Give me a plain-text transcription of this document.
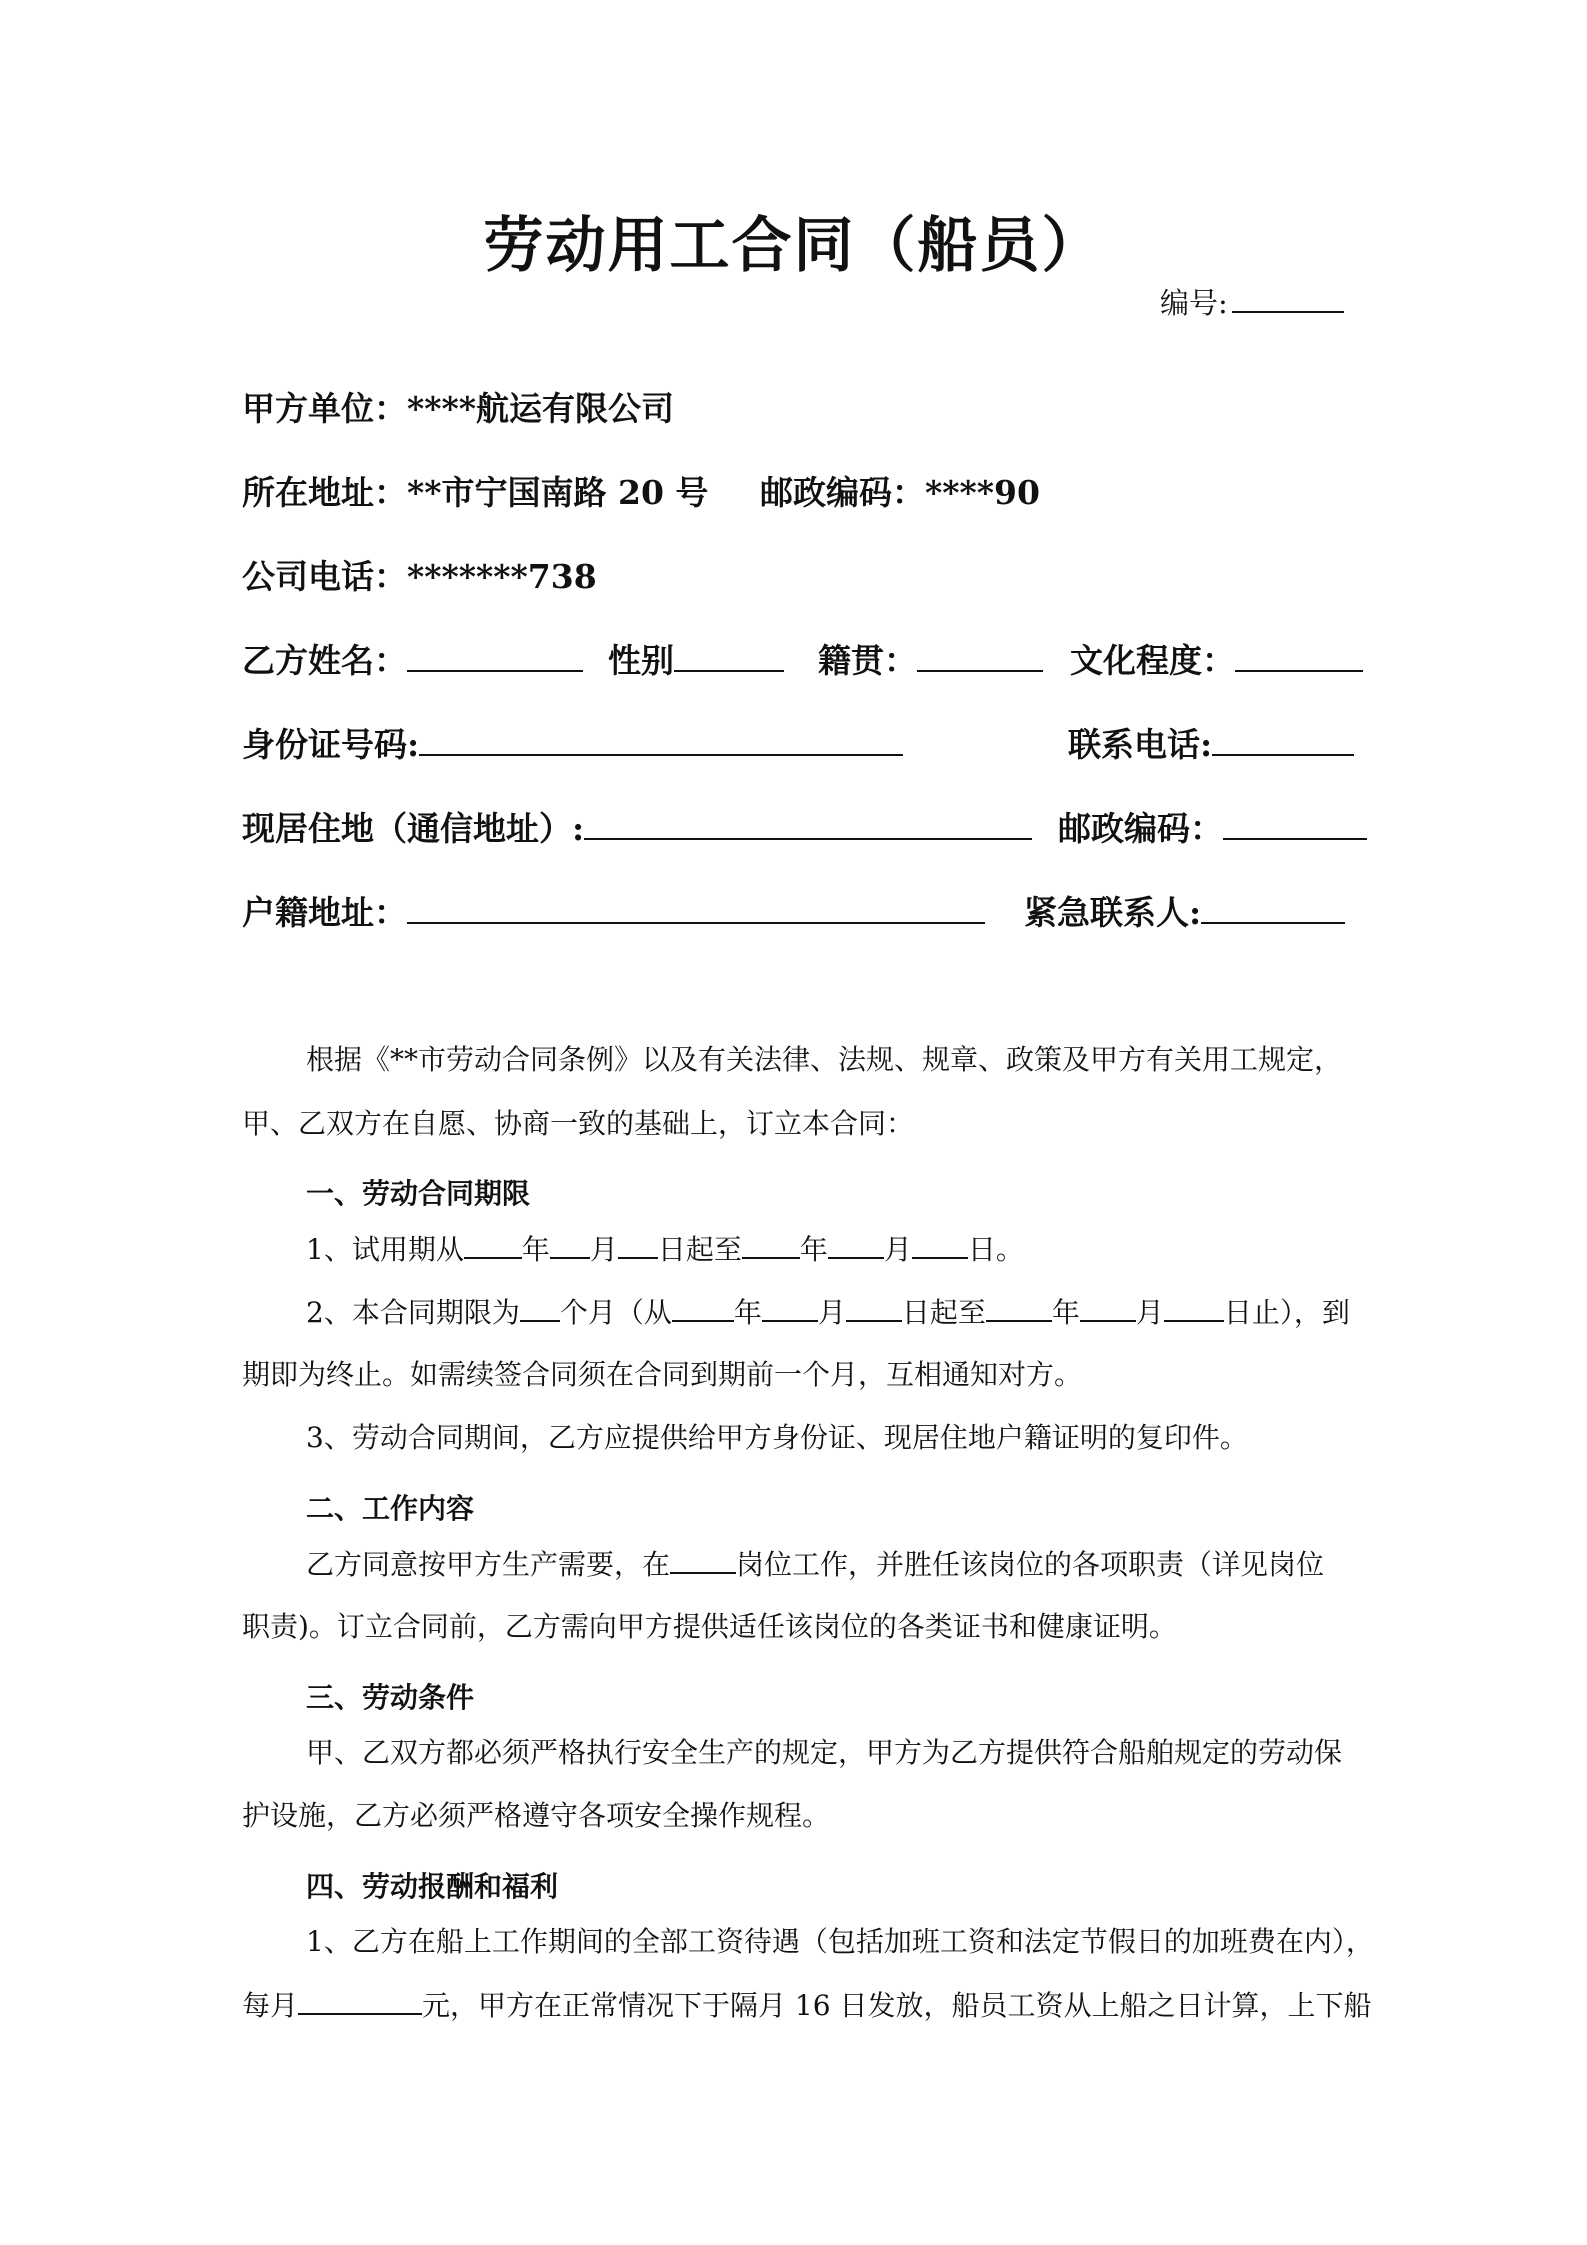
劳动用工合同（船员）
编号:
甲方单位：****航运有限公司
所在地址：**市宁国南路 20 号 邮政编码：****90
公司电话：*******738
乙方姓名：	性别	籍贯：	文化程度：
身份证号码:	联系电话:
现居住地（通信地址）:	邮政编码：
户籍地址：	紧急联系人:
根据《**市劳动合同条例》以及有关法律、法规、规章、政策及甲方有关用工规定，
甲、乙双方在自愿、协商一致的基础上，订立本合同：
一、劳动合同期限
1、试用期从 年 月 日起至 年 月 日。
2、本合同期限为 个月（从 年 月 日起至 年 月 日止），到
期即为终止。如需续签合同须在合同到期前一个月，互相通知对方。
3、劳动合同期间，乙方应提供给甲方身份证、现居住地户籍证明的复印件。
二、工作内容
乙方同意按甲方生产需要，在 岗位工作，并胜任该岗位的各项职责（详见岗位
职责)。订立合同前，乙方需向甲方提供适任该岗位的各类证书和健康证明。
三、劳动条件
甲、乙双方都必须严格执行安全生产的规定，甲方为乙方提供符合船舶规定的劳动保
护设施，乙方必须严格遵守各项安全操作规程。
四、劳动报酬和福利
1、乙方在船上工作期间的全部工资待遇（包括加班工资和法定节假日的加班费在内），
每月	元，甲方在正常情况下于隔月 16 日发放，船员工资从上船之日计算，上下船
